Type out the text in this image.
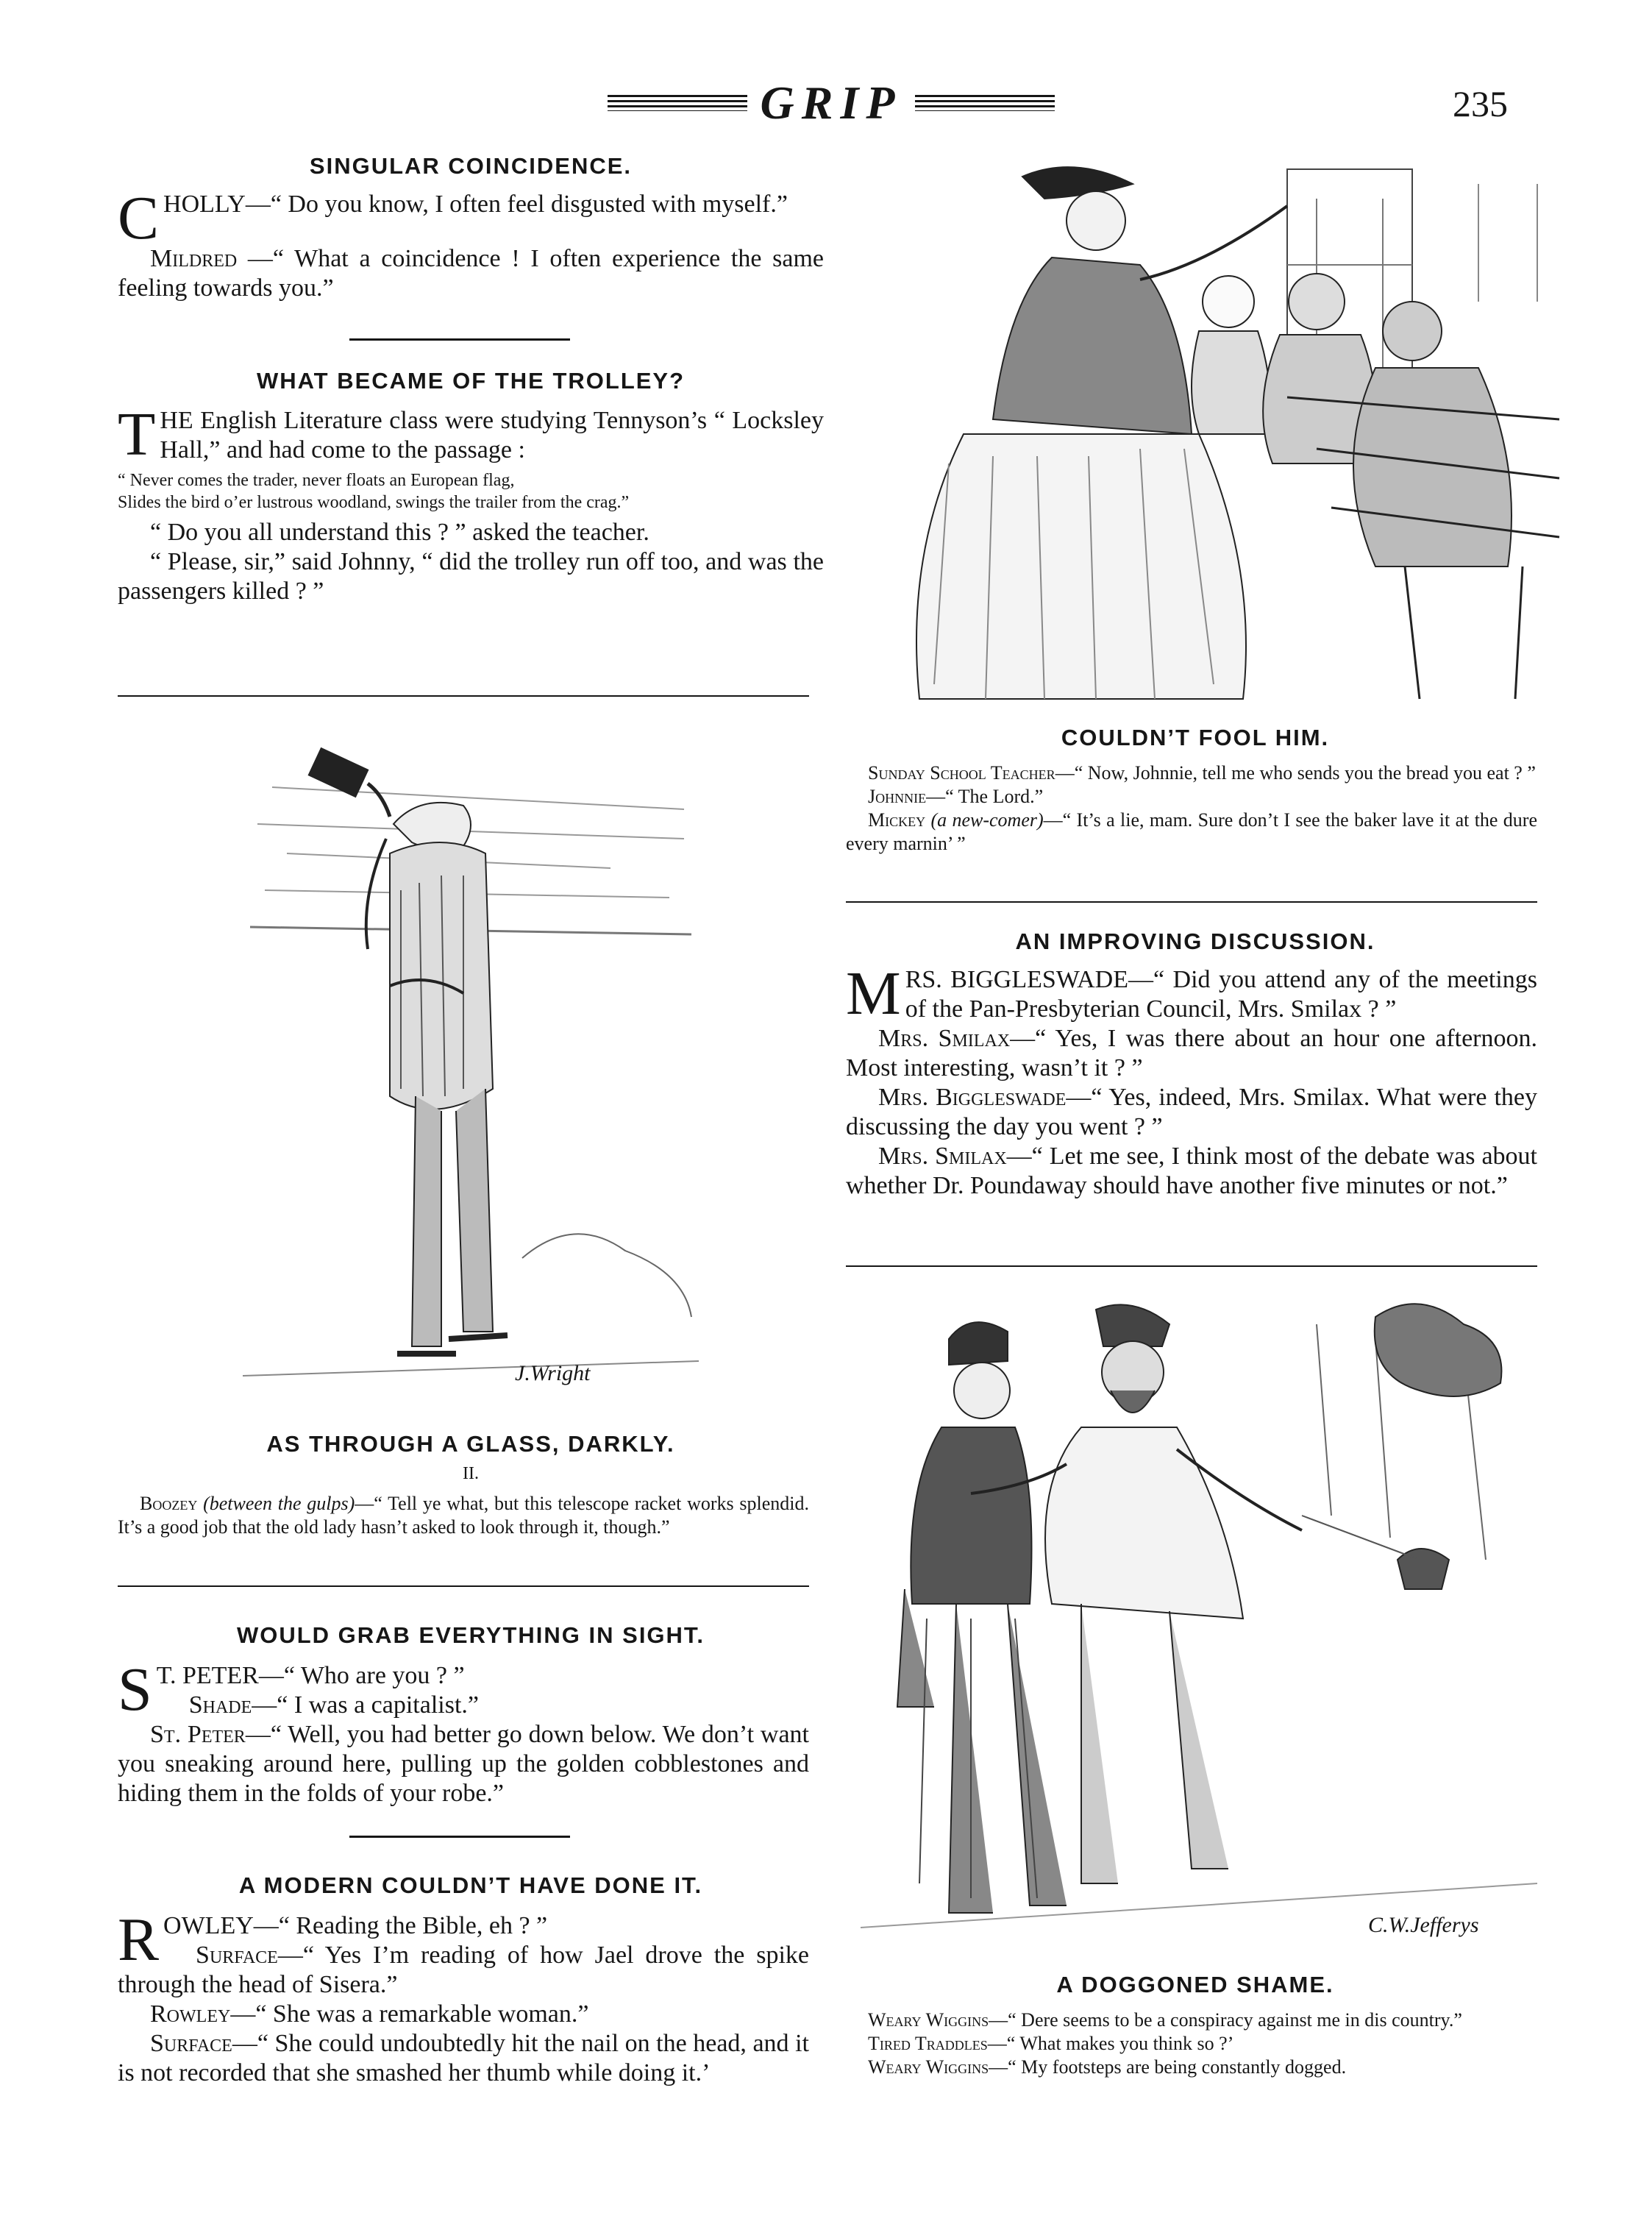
GRIP	235
SINGULAR COINCIDENCE.

CHOLLY—“ Do you know, I often feel disgusted with myself.”

Mildred —“ What a coincidence ! I often experience the same feeling towards you.”

WHAT BECAME OF THE TROLLEY?

THE English Literature class were studying Tennyson’s “ Locksley Hall,” and had come to the passage :

“ Never comes the trader, never floats an European flag,

Slides the bird o’er lustrous woodland, swings the trailer from the crag.”

“ Do you all understand this ? ” asked the teacher.

“ Please, sir,” said Johnny, “ did the trolley run off too, and was the passengers killed ? ”

J.Wright
AS THROUGH A GLASS, DARKLY.
II.

Boozey (between the gulps)—“ Tell ye what, but this telescope racket works splendid. It’s a good job that the old lady hasn’t asked to look through it, though.”

WOULD GRAB EVERYTHING IN SIGHT.

S T. PETER—“ Who are you ? ”

Shade—“ I was a capitalist.”

St. Peter—“ Well, you had better go down below. We don’t want you sneaking around here, pulling up the golden cobblestones and hiding them in the folds of your robe.”

A MODERN COULDN’T HAVE DONE IT.

ROWLEY—“ Reading the Bible, eh ? ”

Surface—“ Yes I’m reading of how Jael drove the spike through the head of Sisera.”

Rowley—“ She was a remarkable woman.”

Surface—“ She could undoubtedly hit the nail on the head, and it is not recorded that she smashed her thumb while doing it.’

COULDN’T FOOL HIM.

Sunday School Teacher—“ Now, Johnnie, tell me who sends you the bread you eat ? ”

Johnnie—“ The Lord.”

Mickey (a new-comer)—“ It’s a lie, mam. Sure don’t I see the baker lave it at the dure every marnin’ ”

AN IMPROVING DISCUSSION.

MRS. BIGGLESWADE—“ Did you attend any of the meetings of the Pan-Presbyterian Council, Mrs. Smilax ? ”

Mrs. Smilax—“ Yes, I was there about an hour one afternoon. Most interesting, wasn’t it ? ”

Mrs. Biggleswade—“ Yes, indeed, Mrs. Smilax. What were they discussing the day you went ? ”

Mrs. Smilax—“ Let me see, I think most of the debate was about whether Dr. Poundaway should have another five minutes or not.”

C.W.Jefferys
A DOGGONED SHAME.

Weary Wiggins—“ Dere seems to be a conspiracy against me in dis country.”

Tired Traddles—“ What makes you think so ?’

Weary Wiggins—“ My footsteps are being constantly dogged.
